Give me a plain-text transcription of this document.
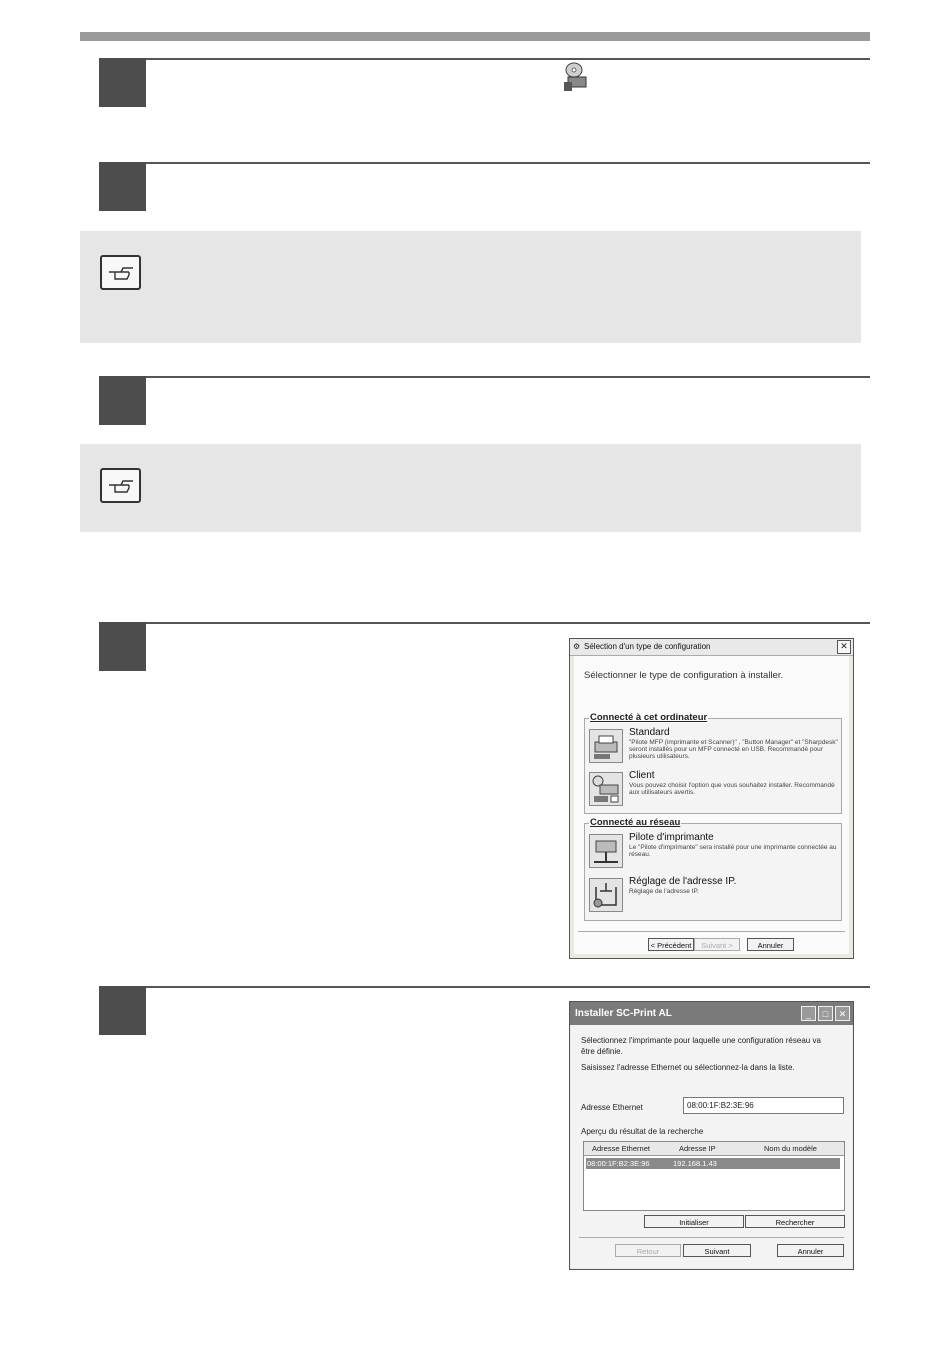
⚙ Sélection d'un type de configuration	✕
Sélectionner le type de configuration à installer.
Connecté à cet ordinateur
Standard
"Pilote MFP (imprimante et Scanner)" , "Button Manager" et "Sharpdesk" seront installés pour un MFP connecté en USB. Recommandé pour plusieurs utilisateurs.
Client
Vous pouvez choisir l'option que vous souhaitez installer. Recommandé aux utilisateurs avertis.
Connecté au réseau
Pilote d'imprimante
Le "Pilote d'imprimante" sera installé pour une imprimante connectée au réseau.
Réglage de l'adresse IP.
Réglage de l'adresse IP.
< Précédent	Suivant >	Annuler
Installer SC-Print AL	_	□	✕
Sélectionnez l'imprimante pour laquelle une configuration réseau va être définie.
Saisissez l'adresse Ethernet ou sélectionnez-la dans la liste.
Adresse Ethernet	08:00:1F:B2:3E:96
Aperçu du résultat de la recherche
Adresse Ethernet	Adresse IP	Nom du modèle
08:00:1F:B2:3E:96	192.168.1.43
Initialiser	Rechercher
Retour	Suivant	Annuler
